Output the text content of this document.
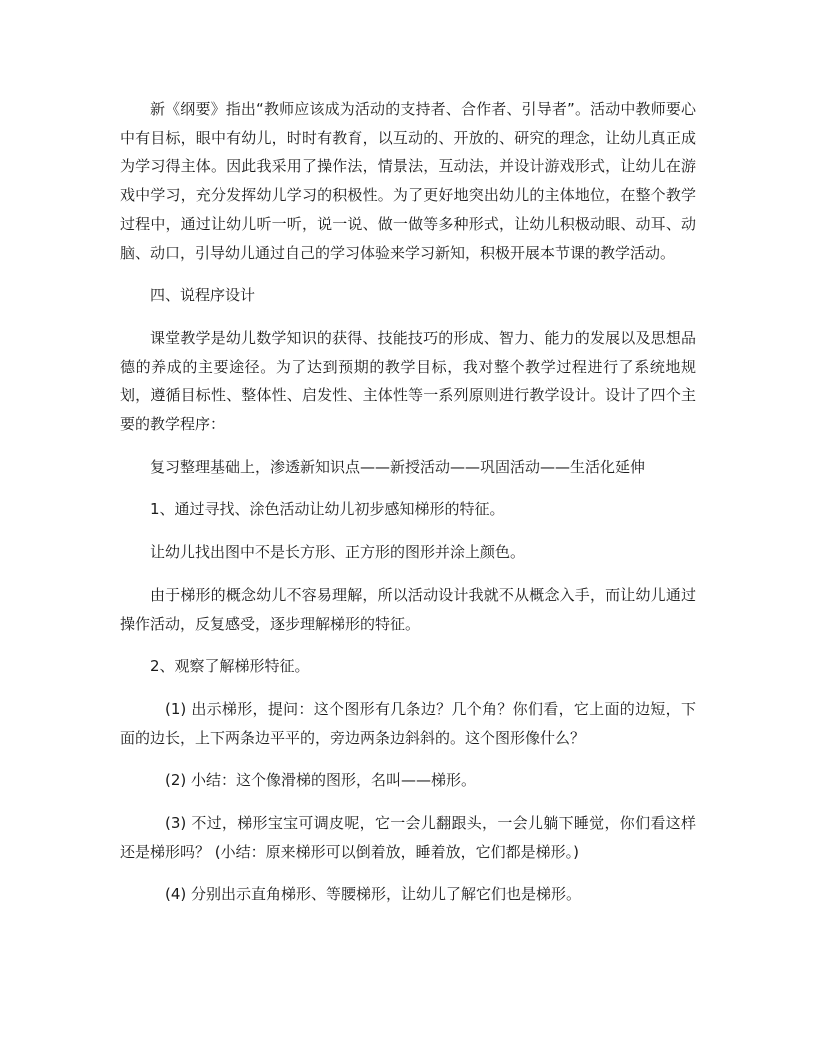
新《纲要》指出“教师应该成为活动的支持者、合作者、引导者”。活动中教师要心中有目标，眼中有幼儿，时时有教育，以互动的、开放的、研究的理念，让幼儿真正成为学习得主体。因此我采用了操作法，情景法，互动法，并设计游戏形式，让幼儿在游戏中学习，充分发挥幼儿学习的积极性。为了更好地突出幼儿的主体地位，在整个教学过程中，通过让幼儿听一听，说一说、做一做等多种形式，让幼儿积极动眼、动耳、动脑、动口，引导幼儿通过自己的学习体验来学习新知，积极开展本节课的教学活动。

四、说程序设计

课堂教学是幼儿数学知识的获得、技能技巧的形成、智力、能力的发展以及思想品德的养成的主要途径。为了达到预期的教学目标，我对整个教学过程进行了系统地规划，遵循目标性、整体性、启发性、主体性等一系列原则进行教学设计。设计了四个主要的教学程序：

复习整理基础上，渗透新知识点——新授活动——巩固活动——生活化延伸

1、通过寻找、涂色活动让幼儿初步感知梯形的特征。

让幼儿找出图中不是长方形、正方形的图形并涂上颜色。

由于梯形的概念幼儿不容易理解，所以活动设计我就不从概念入手，而让幼儿通过操作活动，反复感受，逐步理解梯形的特征。

2、观察了解梯形特征。

(1) 出示梯形，提问：这个图形有几条边？几个角？你们看，它上面的边短，下面的边长，上下两条边平平的，旁边两条边斜斜的。这个图形像什么？

(2) 小结：这个像滑梯的图形，名叫——梯形。

(3) 不过，梯形宝宝可调皮呢，它一会儿翻跟头，一会儿躺下睡觉，你们看这样还是梯形吗？ (小结：原来梯形可以倒着放，睡着放，它们都是梯形。)

(4) 分别出示直角梯形、等腰梯形，让幼儿了解它们也是梯形。
